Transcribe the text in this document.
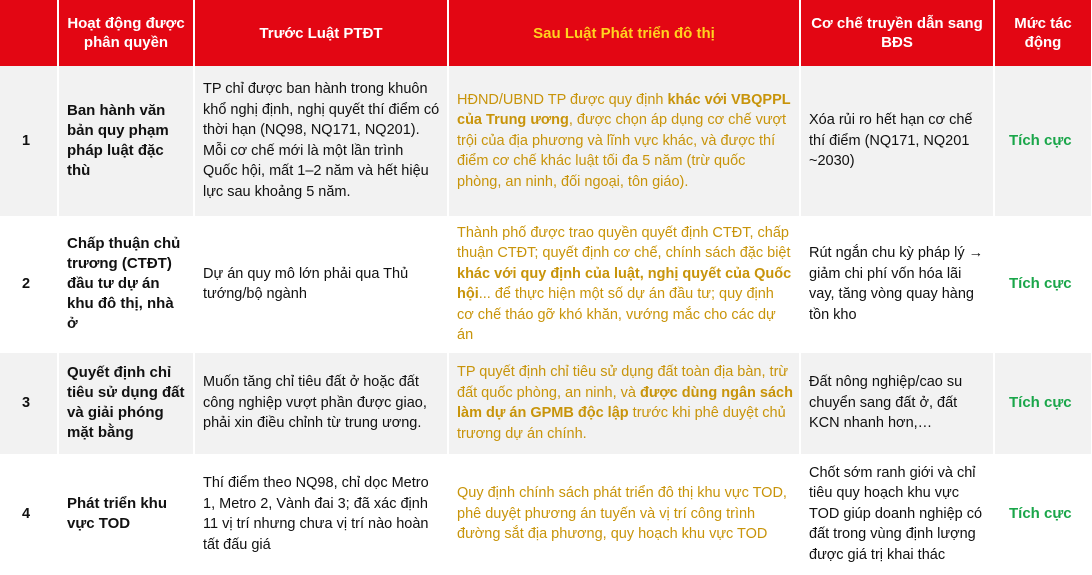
	Hoạt động được phân quyền	Trước Luật PTĐT	Sau Luật Phát triển đô thị	Cơ chế truyền dẫn sang BĐS	Mức tác động
1	Ban hành văn bản quy phạm pháp luật đặc thù	TP chỉ được ban hành trong khuôn khổ nghị định, nghị quyết thí điểm có thời hạn (NQ98, NQ171, NQ201). Mỗi cơ chế mới là một lần trình Quốc hội, mất 1–2 năm và hết hiệu lực sau khoảng 5 năm.	HĐND/UBND TP được quy định khác với VBQPPL của Trung ương, được chọn áp dụng cơ chế vượt trội của địa phương và lĩnh vực khác, và được thí điểm cơ chế khác luật tối đa 5 năm (trừ quốc phòng, an ninh, đối ngoại, tôn giáo).	Xóa rủi ro hết hạn cơ chế thí điểm (NQ171, NQ201 ~2030)	Tích cực
2	Chấp thuận chủ trương (CTĐT) đầu tư dự án khu đô thị, nhà ở	Dự án quy mô lớn phải qua Thủ tướng/bộ ngành	Thành phố được trao quyền quyết định CTĐT, chấp thuận CTĐT; quyết định cơ chế, chính sách đặc biệt khác với quy định của luật, nghị quyết của Quốc hội... để thực hiện một số dự án đầu tư; quy định cơ chế tháo gỡ khó khăn, vướng mắc cho các dự án	Rút ngắn chu kỳ pháp lý → giảm chi phí vốn hóa lãi vay, tăng vòng quay hàng tồn kho	Tích cực
3	Quyết định chỉ tiêu sử dụng đất và giải phóng mặt bằng	Muốn tăng chỉ tiêu đất ở hoặc đất công nghiệp vượt phần được giao, phải xin điều chỉnh từ trung ương.	TP quyết định chỉ tiêu sử dụng đất toàn địa bàn, trừ đất quốc phòng, an ninh, và được dùng ngân sách làm dự án GPMB độc lập trước khi phê duyệt chủ trương dự án chính.	Đất nông nghiệp/cao su chuyển sang đất ở, đất KCN nhanh hơn,…	Tích cực
4	Phát triển khu vực TOD	Thí điểm theo NQ98, chỉ dọc Metro 1, Metro 2, Vành đai 3; đã xác định 11 vị trí nhưng chưa vị trí nào hoàn tất đấu giá	Quy định chính sách phát triển đô thị khu vực TOD, phê duyệt phương án tuyến và vị trí công trình đường sắt địa phương, quy hoạch khu vực TOD	Chốt sớm ranh giới và chỉ tiêu quy hoạch khu vực TOD giúp doanh nghiệp có đất trong vùng định lượng được giá trị khai thác	Tích cực
